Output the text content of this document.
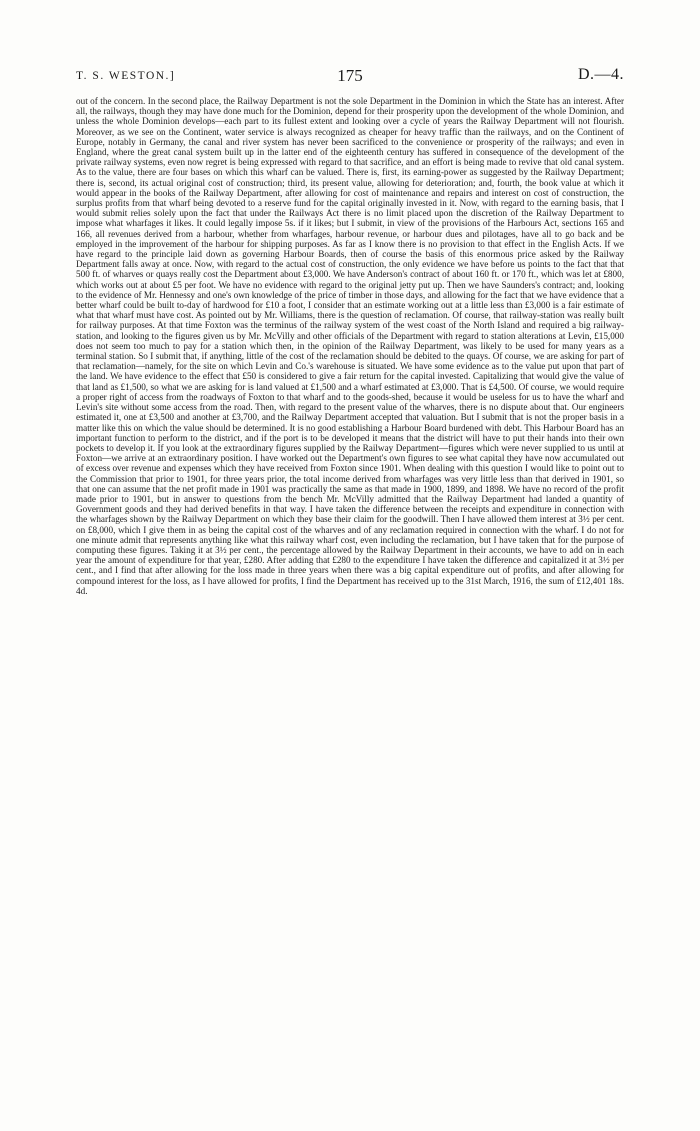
T. S. WESTON.]	175	D.—4.

out of the concern. In the second place, the Railway Department is not the sole Department in the Dominion in which the State has an interest. After all, the railways, though they may have done much for the Dominion, depend for their prosperity upon the development of the whole Dominion, and unless the whole Dominion develops—each part to its fullest extent and looking over a cycle of years the Railway Department will not flourish. Moreover, as we see on the Continent, water service is always recognized as cheaper for heavy traffic than the railways, and on the Continent of Europe, notably in Germany, the canal and river system has never been sacrificed to the convenience or prosperity of the railways; and even in England, where the great canal system built up in the latter end of the eighteenth century has suffered in consequence of the development of the private railway systems, even now regret is being expressed with regard to that sacrifice, and an effort is being made to revive that old canal system. As to the value, there are four bases on which this wharf can be valued. There is, first, its earning-power as suggested by the Railway Department; there is, second, its actual original cost of construction; third, its present value, allowing for deterioration; and, fourth, the book value at which it would appear in the books of the Railway Department, after allowing for cost of maintenance and repairs and interest on cost of construction, the surplus profits from that wharf being devoted to a reserve fund for the capital originally invested in it. Now, with regard to the earning basis, that I would submit relies solely upon the fact that under the Railways Act there is no limit placed upon the discretion of the Railway Department to impose what wharfages it likes. It could legally impose 5s. if it likes; but I submit, in view of the provisions of the Harbours Act, sections 165 and 166, all revenues derived from a harbour, whether from wharfages, harbour revenue, or harbour dues and pilotages, have all to go back and be employed in the improvement of the harbour for shipping purposes. As far as I know there is no provision to that effect in the English Acts. If we have regard to the principle laid down as governing Harbour Boards, then of course the basis of this enormous price asked by the Railway Department falls away at once. Now, with regard to the actual cost of construction, the only evidence we have before us points to the fact that that 500 ft. of wharves or quays really cost the Department about £3,000. We have Anderson's contract of about 160 ft. or 170 ft., which was let at £800, which works out at about £5 per foot. We have no evidence with regard to the original jetty put up. Then we have Saunders's contract; and, looking to the evidence of Mr. Hennessy and one's own knowledge of the price of timber in those days, and allowing for the fact that we have evidence that a better wharf could be built to-day of hardwood for £10 a foot, I consider that an estimate working out at a little less than £3,000 is a fair estimate of what that wharf must have cost. As pointed out by Mr. Williams, there is the question of reclamation. Of course, that railway-station was really built for railway purposes. At that time Foxton was the terminus of the railway system of the west coast of the North Island and required a big railway-station, and looking to the figures given us by Mr. McVilly and other officials of the Department with regard to station alterations at Levin, £15,000 does not seem too much to pay for a station which then, in the opinion of the Railway Department, was likely to be used for many years as a terminal station. So I submit that, if anything, little of the cost of the reclamation should be debited to the quays. Of course, we are asking for part of that reclamation—namely, for the site on which Levin and Co.'s warehouse is situated. We have some evidence as to the value put upon that part of the land. We have evidence to the effect that £50 is considered to give a fair return for the capital invested. Capitalizing that would give the value of that land as £1,500, so what we are asking for is land valued at £1,500 and a wharf estimated at £3,000. That is £4,500. Of course, we would require a proper right of access from the roadways of Foxton to that wharf and to the goods-shed, because it would be useless for us to have the wharf and Levin's site without some access from the road. Then, with regard to the present value of the wharves, there is no dispute about that. Our engineers estimated it, one at £3,500 and another at £3,700, and the Railway Department accepted that valuation. But I submit that is not the proper basis in a matter like this on which the value should be determined. It is no good establishing a Harbour Board burdened with debt. This Harbour Board has an important function to perform to the district, and if the port is to be developed it means that the district will have to put their hands into their own pockets to develop it. If you look at the extraordinary figures supplied by the Railway Department—figures which were never supplied to us until at Foxton—we arrive at an extraordinary position. I have worked out the Department's own figures to see what capital they have now accumulated out of excess over revenue and expenses which they have received from Foxton since 1901. When dealing with this question I would like to point out to the Commission that prior to 1901, for three years prior, the total income derived from wharfages was very little less than that derived in 1901, so that one can assume that the net profit made in 1901 was practically the same as that made in 1900, 1899, and 1898. We have no record of the profit made prior to 1901, but in answer to questions from the bench Mr. McVilly admitted that the Railway Department had landed a quantity of Government goods and they had derived benefits in that way. I have taken the difference between the receipts and expenditure in connection with the wharfages shown by the Railway Department on which they base their claim for the goodwill. Then I have allowed them interest at 3½ per cent. on £8,000, which I give them in as being the capital cost of the wharves and of any reclamation required in connection with the wharf. I do not for one minute admit that represents anything like what this railway wharf cost, even including the reclamation, but I have taken that for the purpose of computing these figures. Taking it at 3½ per cent., the percentage allowed by the Railway Department in their accounts, we have to add on in each year the amount of expenditure for that year, £280. After adding that £280 to the expenditure I have taken the difference and capitalized it at 3½ per cent., and I find that after allowing for the loss made in three years when there was a big capital expenditure out of profits, and after allowing for compound interest for the loss, as I have allowed for profits, I find the Department has received up to the 31st March, 1916, the sum of £12,401 18s. 4d.
